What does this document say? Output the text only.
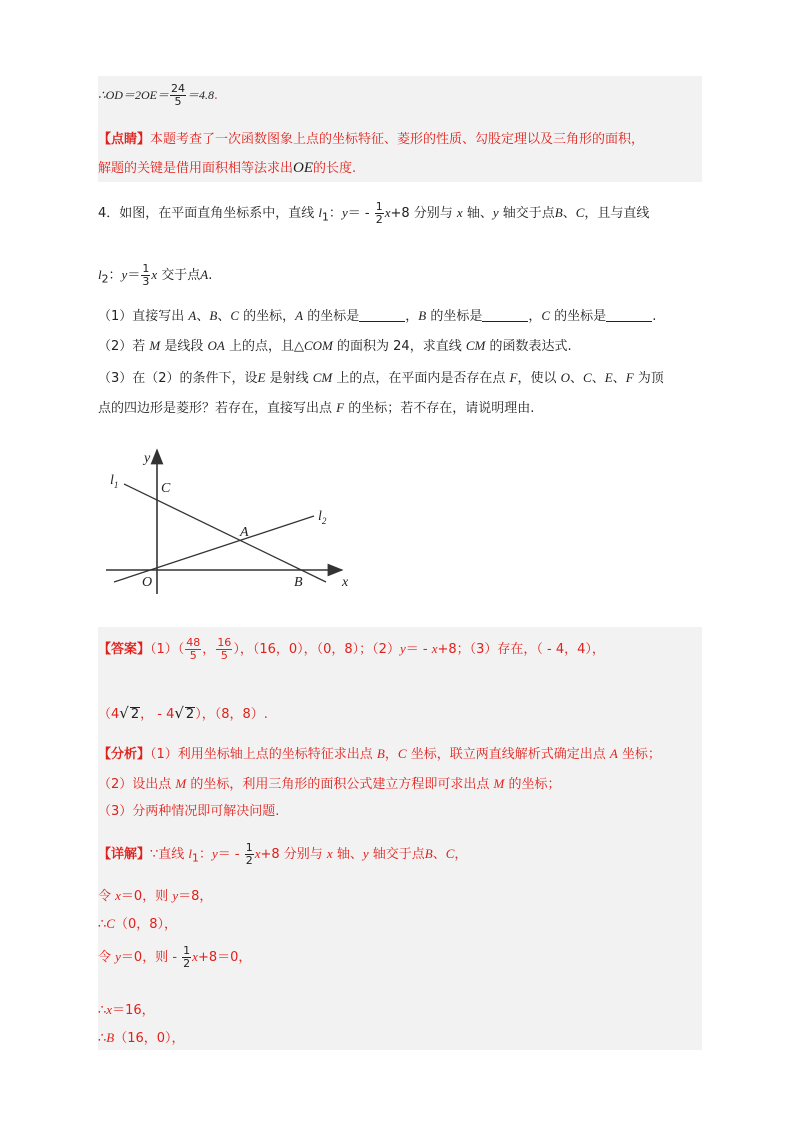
∴OD＝2OE＝ $\frac{24}{5} =4.8$.
【点睛】本题考查了一次函数图象上点的坐标特征、菱形的性质、勾股定理以及三角形的面积，
解题的关键是借用面积相等法求出OE的长度.
4．如图，在平面直角坐标系中，直线 $l_1$：$y= - \frac{1}{2} x+8$ 分别与 x 轴、y 轴交于点B、C，且与直线
$l_2$：$y= \frac{1}{3}$ x 交于点A.
（1）直接写出 A、B、C 的坐标，A 的坐标是	，B 的坐标是	，C 的坐标是	.
（2）若 M 是线段 OA 上的点，且△COM 的面积为 24，求直线 CM 的函数表达式.
（3）在（2）的条件下，设E 是射线 CM 上的点，在平面内是否存在点 F，使以 O、C、E、F 为顶
点的四边形是菱形？若存在，直接写出点 F 的坐标；若不存在，请说明理由.
y
x
$l_1$
$l_2$
C
A
O	B
【答案】$(1)( \frac{48}{5}$ ， $\frac{16}{5}$ ），（16，0），（0，8）；（2）y＝ - x+8；（3）存在，（ - 4，4），
（4√ 2， - 4√ 2），（8，8）.
【分析】（1）利用坐标轴上点的坐标特征求出点 B，C 坐标，联立两直线解析式确定出点 A 坐标；
（2）设出点 M 的坐标，利用三角形的面积公式建立方程即可求出点 M 的坐标；
（3）分两种情况即可解决问题.
【详解】∵直线 $l_1$：$y= - \frac{1}{2} x+8$ 分别与 x 轴、y 轴交于点B、C，
令 x＝0，则 y＝8，
∴C（0，8），
令 y＝0，则 - $\frac{1}{2} x+8=0$，
∴x＝16，
∴B（16，0），
